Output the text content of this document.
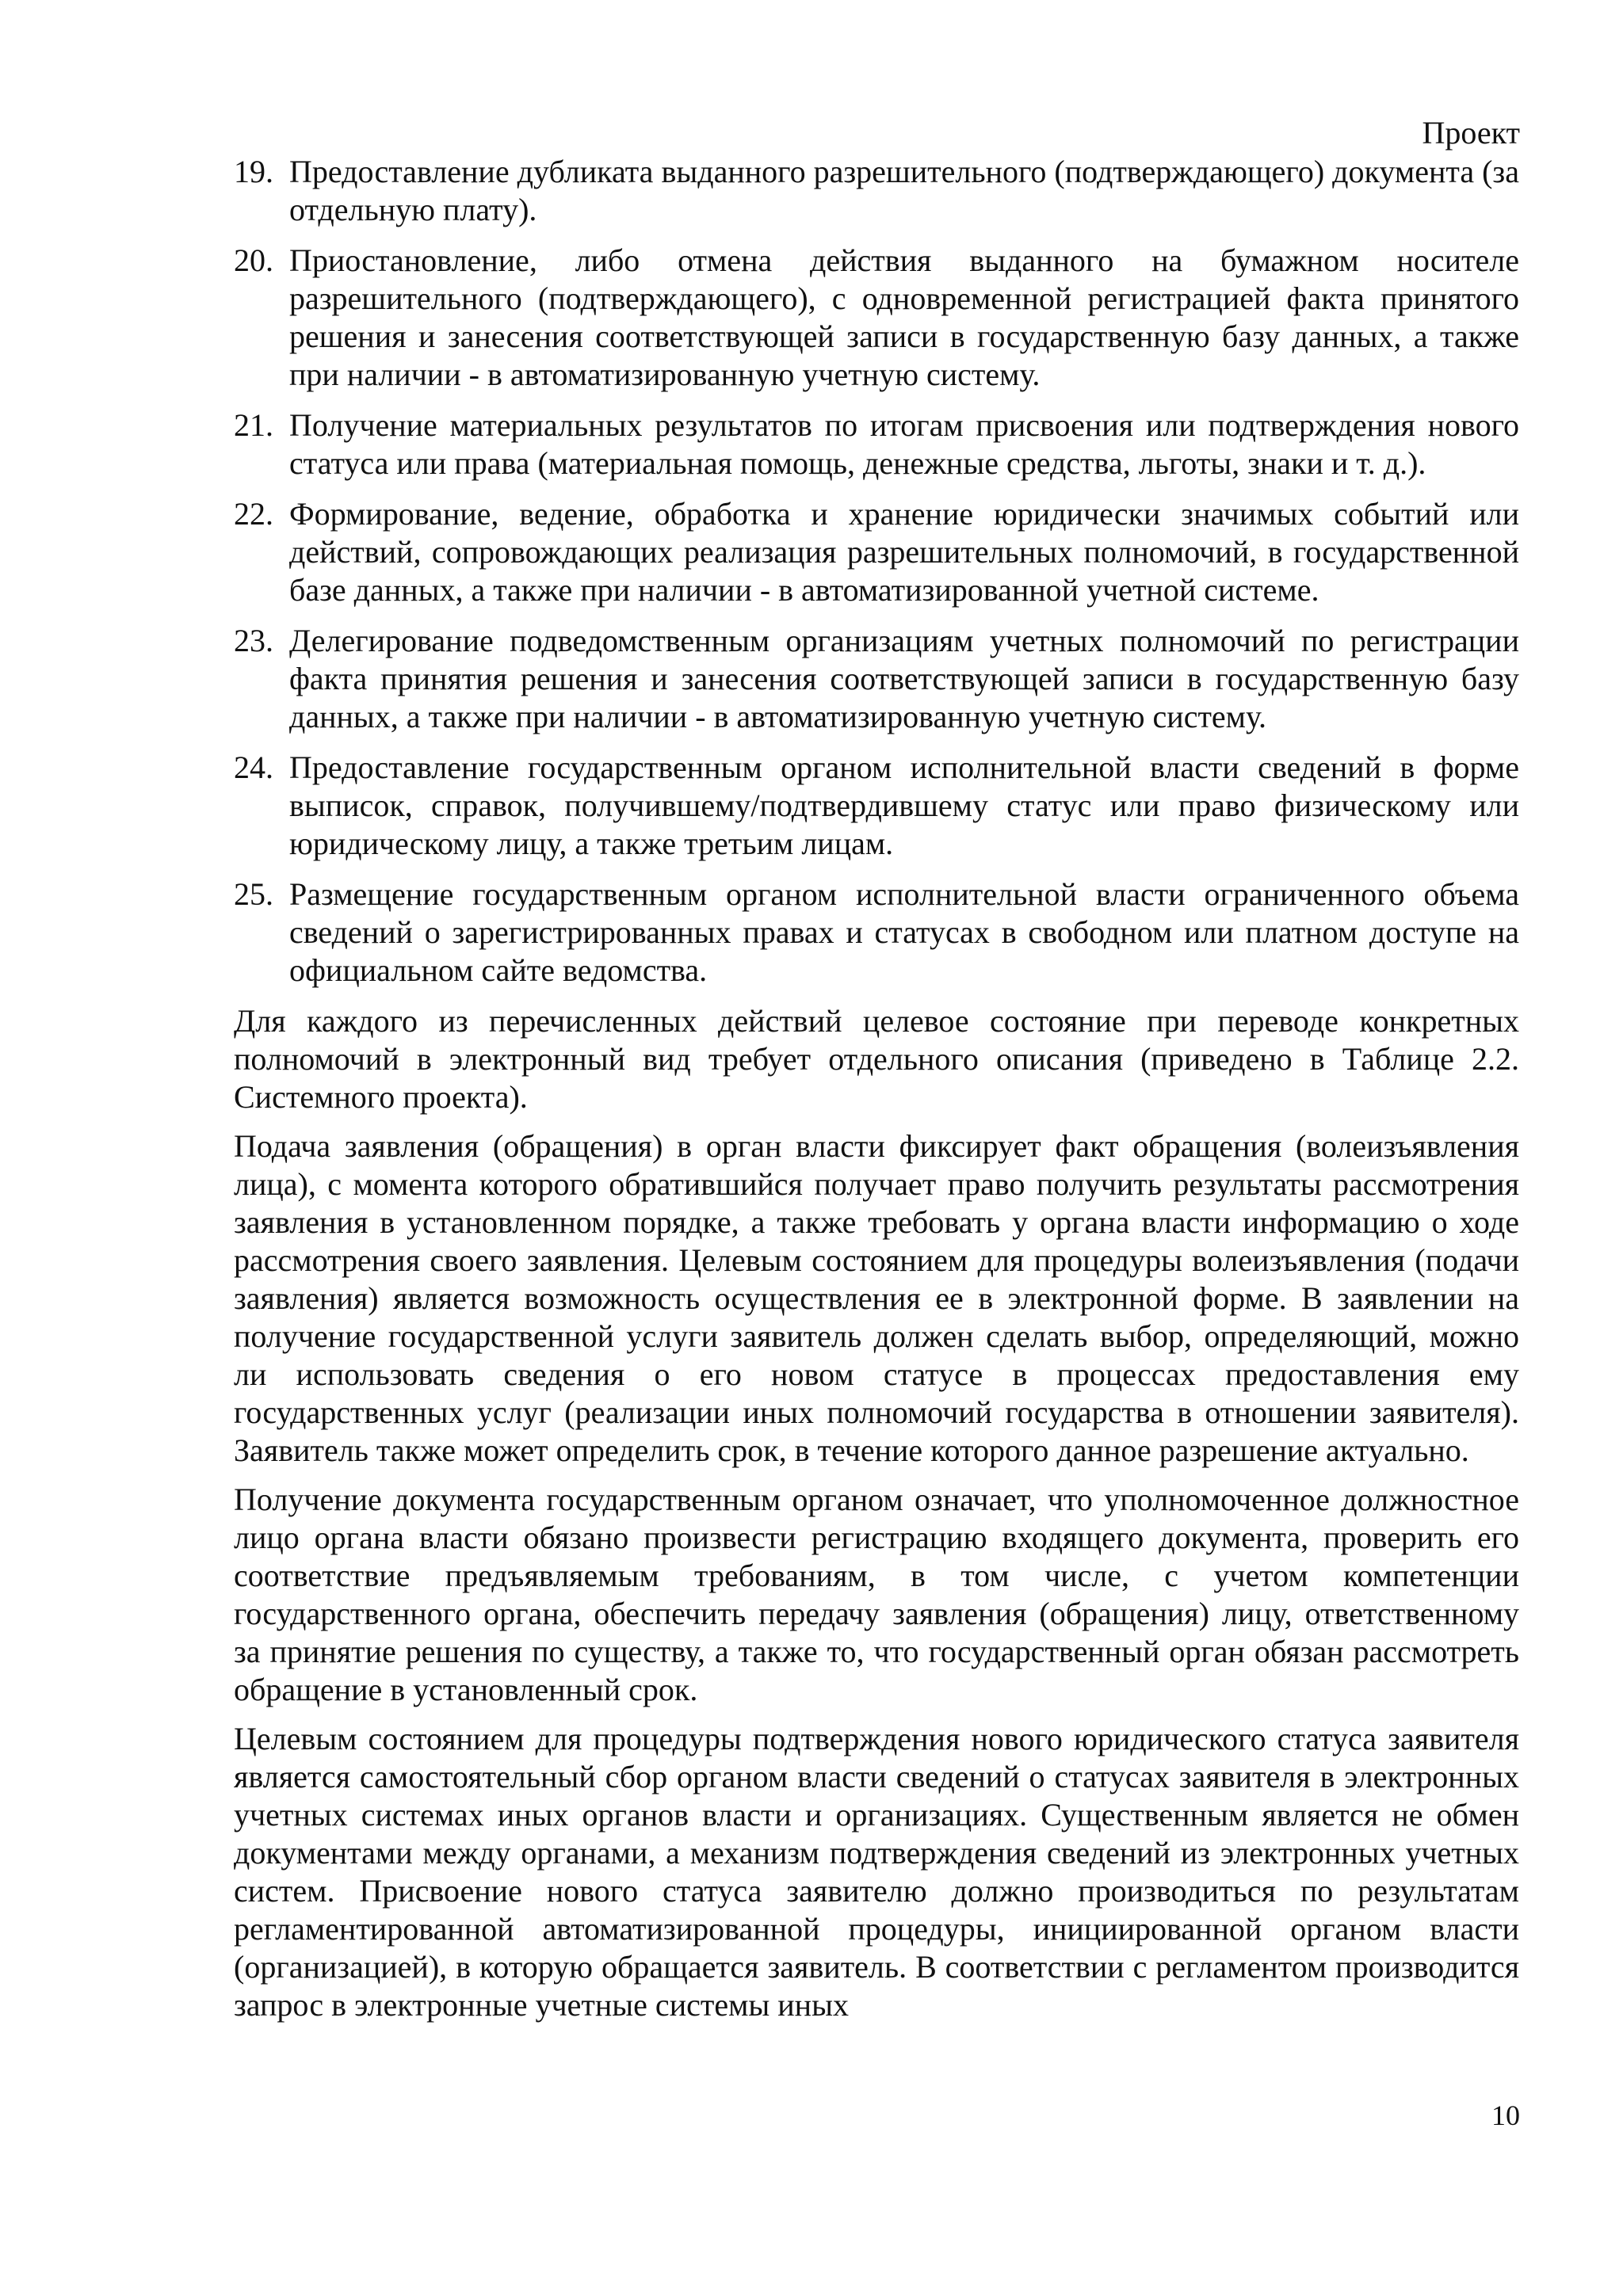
Проект
19. Предоставление дубликата выданного разрешительного (подтверждающего) документа (за отдельную плату).
20. Приостановление, либо отмена действия выданного на бумажном носителе разрешительного (подтверждающего), с одновременной регистрацией факта принятого решения и занесения соответствующей записи в государственную базу данных, а также при наличии - в автоматизированную учетную систему.
21. Получение материальных результатов по итогам присвоения или подтверждения нового статуса или права (материальная помощь, денежные средства, льготы, знаки и т. д.).
22. Формирование, ведение, обработка и хранение юридически значимых событий или действий, сопровождающих реализация разрешительных полномочий, в государственной базе данных, а также при наличии - в автоматизированной учетной системе.
23. Делегирование подведомственным организациям учетных полномочий по регистрации факта принятия решения и занесения соответствующей записи в государственную базу данных, а также при наличии - в автоматизированную учетную систему.
24. Предоставление государственным органом исполнительной власти сведений в форме выписок, справок, получившему/подтвердившему статус или право физическому или юридическому лицу, а также третьим лицам.
25. Размещение государственным органом исполнительной власти ограниченного объема сведений о зарегистрированных правах и статусах в свободном или платном доступе на официальном сайте ведомства.

Для каждого из перечисленных действий целевое состояние при переводе конкретных полномочий в электронный вид требует отдельного описания (приведено в Таблице 2.2. Системного проекта).

Подача заявления (обращения) в орган власти фиксирует факт обращения (волеизъявления лица), с момента которого обратившийся получает право получить результаты рассмотрения заявления в установленном порядке, а также требовать у органа власти информацию о ходе рассмотрения своего заявления. Целевым состоянием для процедуры волеизъявления (подачи заявления) является возможность осуществления ее в электронной форме. В заявлении на получение государственной услуги заявитель должен сделать выбор, определяющий, можно ли использовать сведения о его новом статусе в процессах предоставления ему государственных услуг (реализации иных полномочий государства в отношении заявителя). Заявитель также может определить срок, в течение которого данное разрешение актуально.

Получение документа государственным органом означает, что уполномоченное должностное лицо органа власти обязано произвести регистрацию входящего документа, проверить его соответствие предъявляемым требованиям, в том числе, с учетом компетенции государственного органа, обеспечить передачу заявления (обращения) лицу, ответственному за принятие решения по существу, а также то, что государственный орган обязан рассмотреть обращение в установленный срок.

Целевым состоянием для процедуры подтверждения нового юридического статуса заявителя является самостоятельный сбор органом власти сведений о статусах заявителя в электронных учетных системах иных органов власти и организациях. Существенным является не обмен документами между органами, а механизм подтверждения сведений из электронных учетных систем. Присвоение нового статуса заявителю должно производиться по результатам регламентированной автоматизированной процедуры, инициированной органом власти (организацией), в которую обращается заявитель. В соответствии с регламентом производится запрос в электронные учетные системы иных

10
